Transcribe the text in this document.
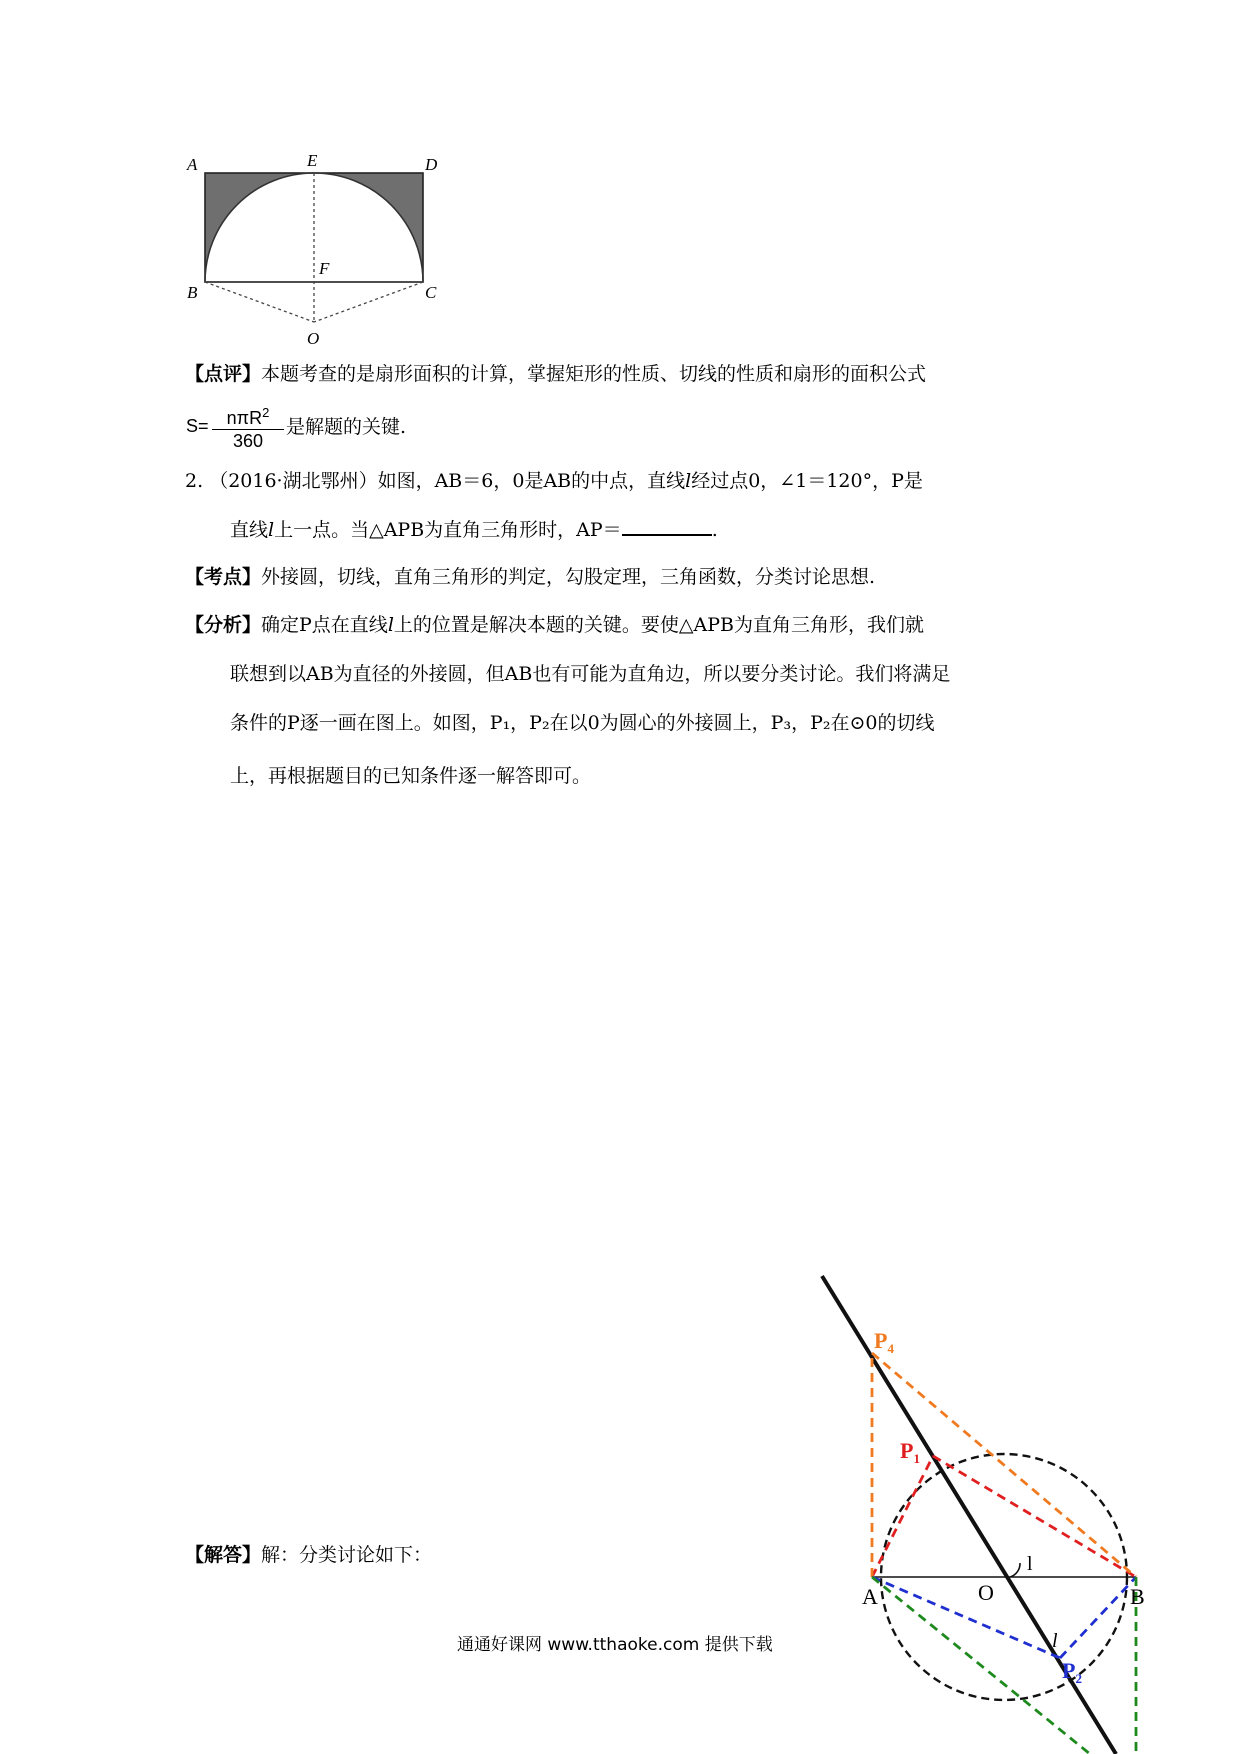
A	E	D
F
B	C
O
【点评】本题考查的是扇形面积的计算，掌握矩形的性质、切线的性质和扇形的面积公式
S=	nπR$^2$
360
是解题的关键.
2. （2016·湖北鄂州）如图，AB＝6，0是AB的中点，直线l经过点0，∠1＝120°，P是
直线l上一点。当△APB为直角三角形时，AP＝	.
【考点】外接圆，切线，直角三角形的判定，勾股定理，三角函数，分类讨论思想.
【分析】确定P点在直线l上的位置是解决本题的关键。要使△APB为直角三角形，我们就
联想到以AB为直径的外接圆，但AB也有可能为直角边，所以要分类讨论。我们将满足
条件的P逐一画在图上。如图，P₁，P₂在以0为圆心的外接圆上，P₃，P₂在⊙0的切线
上，再根据题目的已知条件逐一解答即可。
【解答】解：分类讨论如下：
A	B
O
l
l
$P_1$
$P_4$
$P_2$
通通好课网 www.tthaoke.com 提供下载
